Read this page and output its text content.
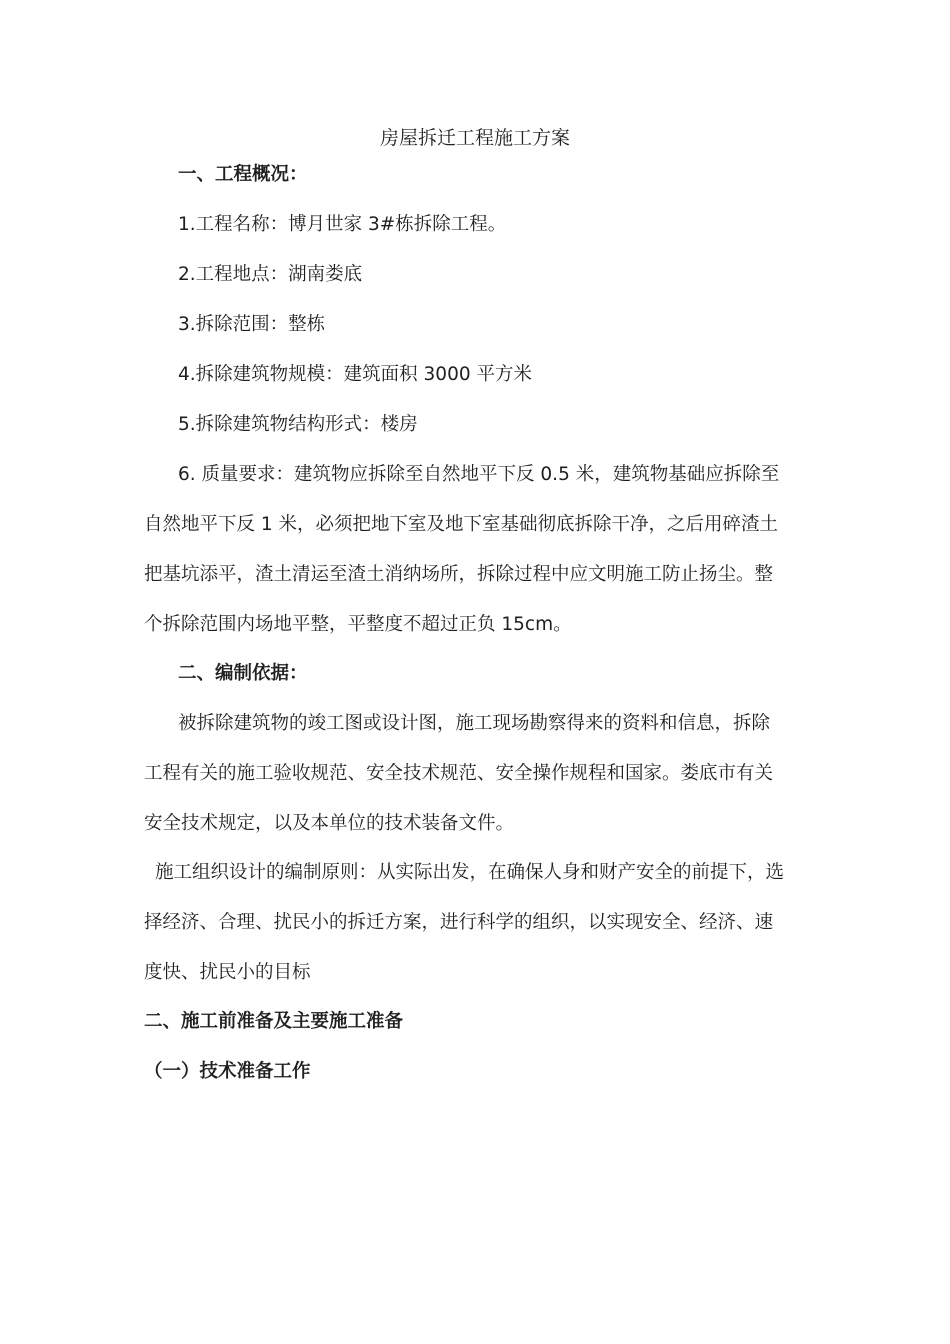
房屋拆迁工程施工方案
一、工程概况：
1.工程名称：博月世家 3#栋拆除工程。
2.工程地点：湖南娄底
3.拆除范围：整栋
4.拆除建筑物规模：建筑面积 3000 平方米
5.拆除建筑物结构形式：楼房
6. 质量要求：建筑物应拆除至自然地平下反 0.5 米，建筑物基础应拆除至
自然地平下反 1 米，必须把地下室及地下室基础彻底拆除干净，之后用碎渣土
把基坑添平，渣土清运至渣土消纳场所，拆除过程中应文明施工防止扬尘。整
个拆除范围内场地平整，平整度不超过正负 15cm。
二、编制依据：
被拆除建筑物的竣工图或设计图，施工现场勘察得来的资料和信息，拆除
工程有关的施工验收规范、安全技术规范、安全操作规程和国家。娄底市有关
安全技术规定，以及本单位的技术装备文件。
施工组织设计的编制原则：从实际出发，在确保人身和财产安全的前提下，选
择经济、合理、扰民小的拆迁方案，进行科学的组织，以实现安全、经济、速
度快、扰民小的目标
二、施工前准备及主要施工准备
（一）技术准备工作
